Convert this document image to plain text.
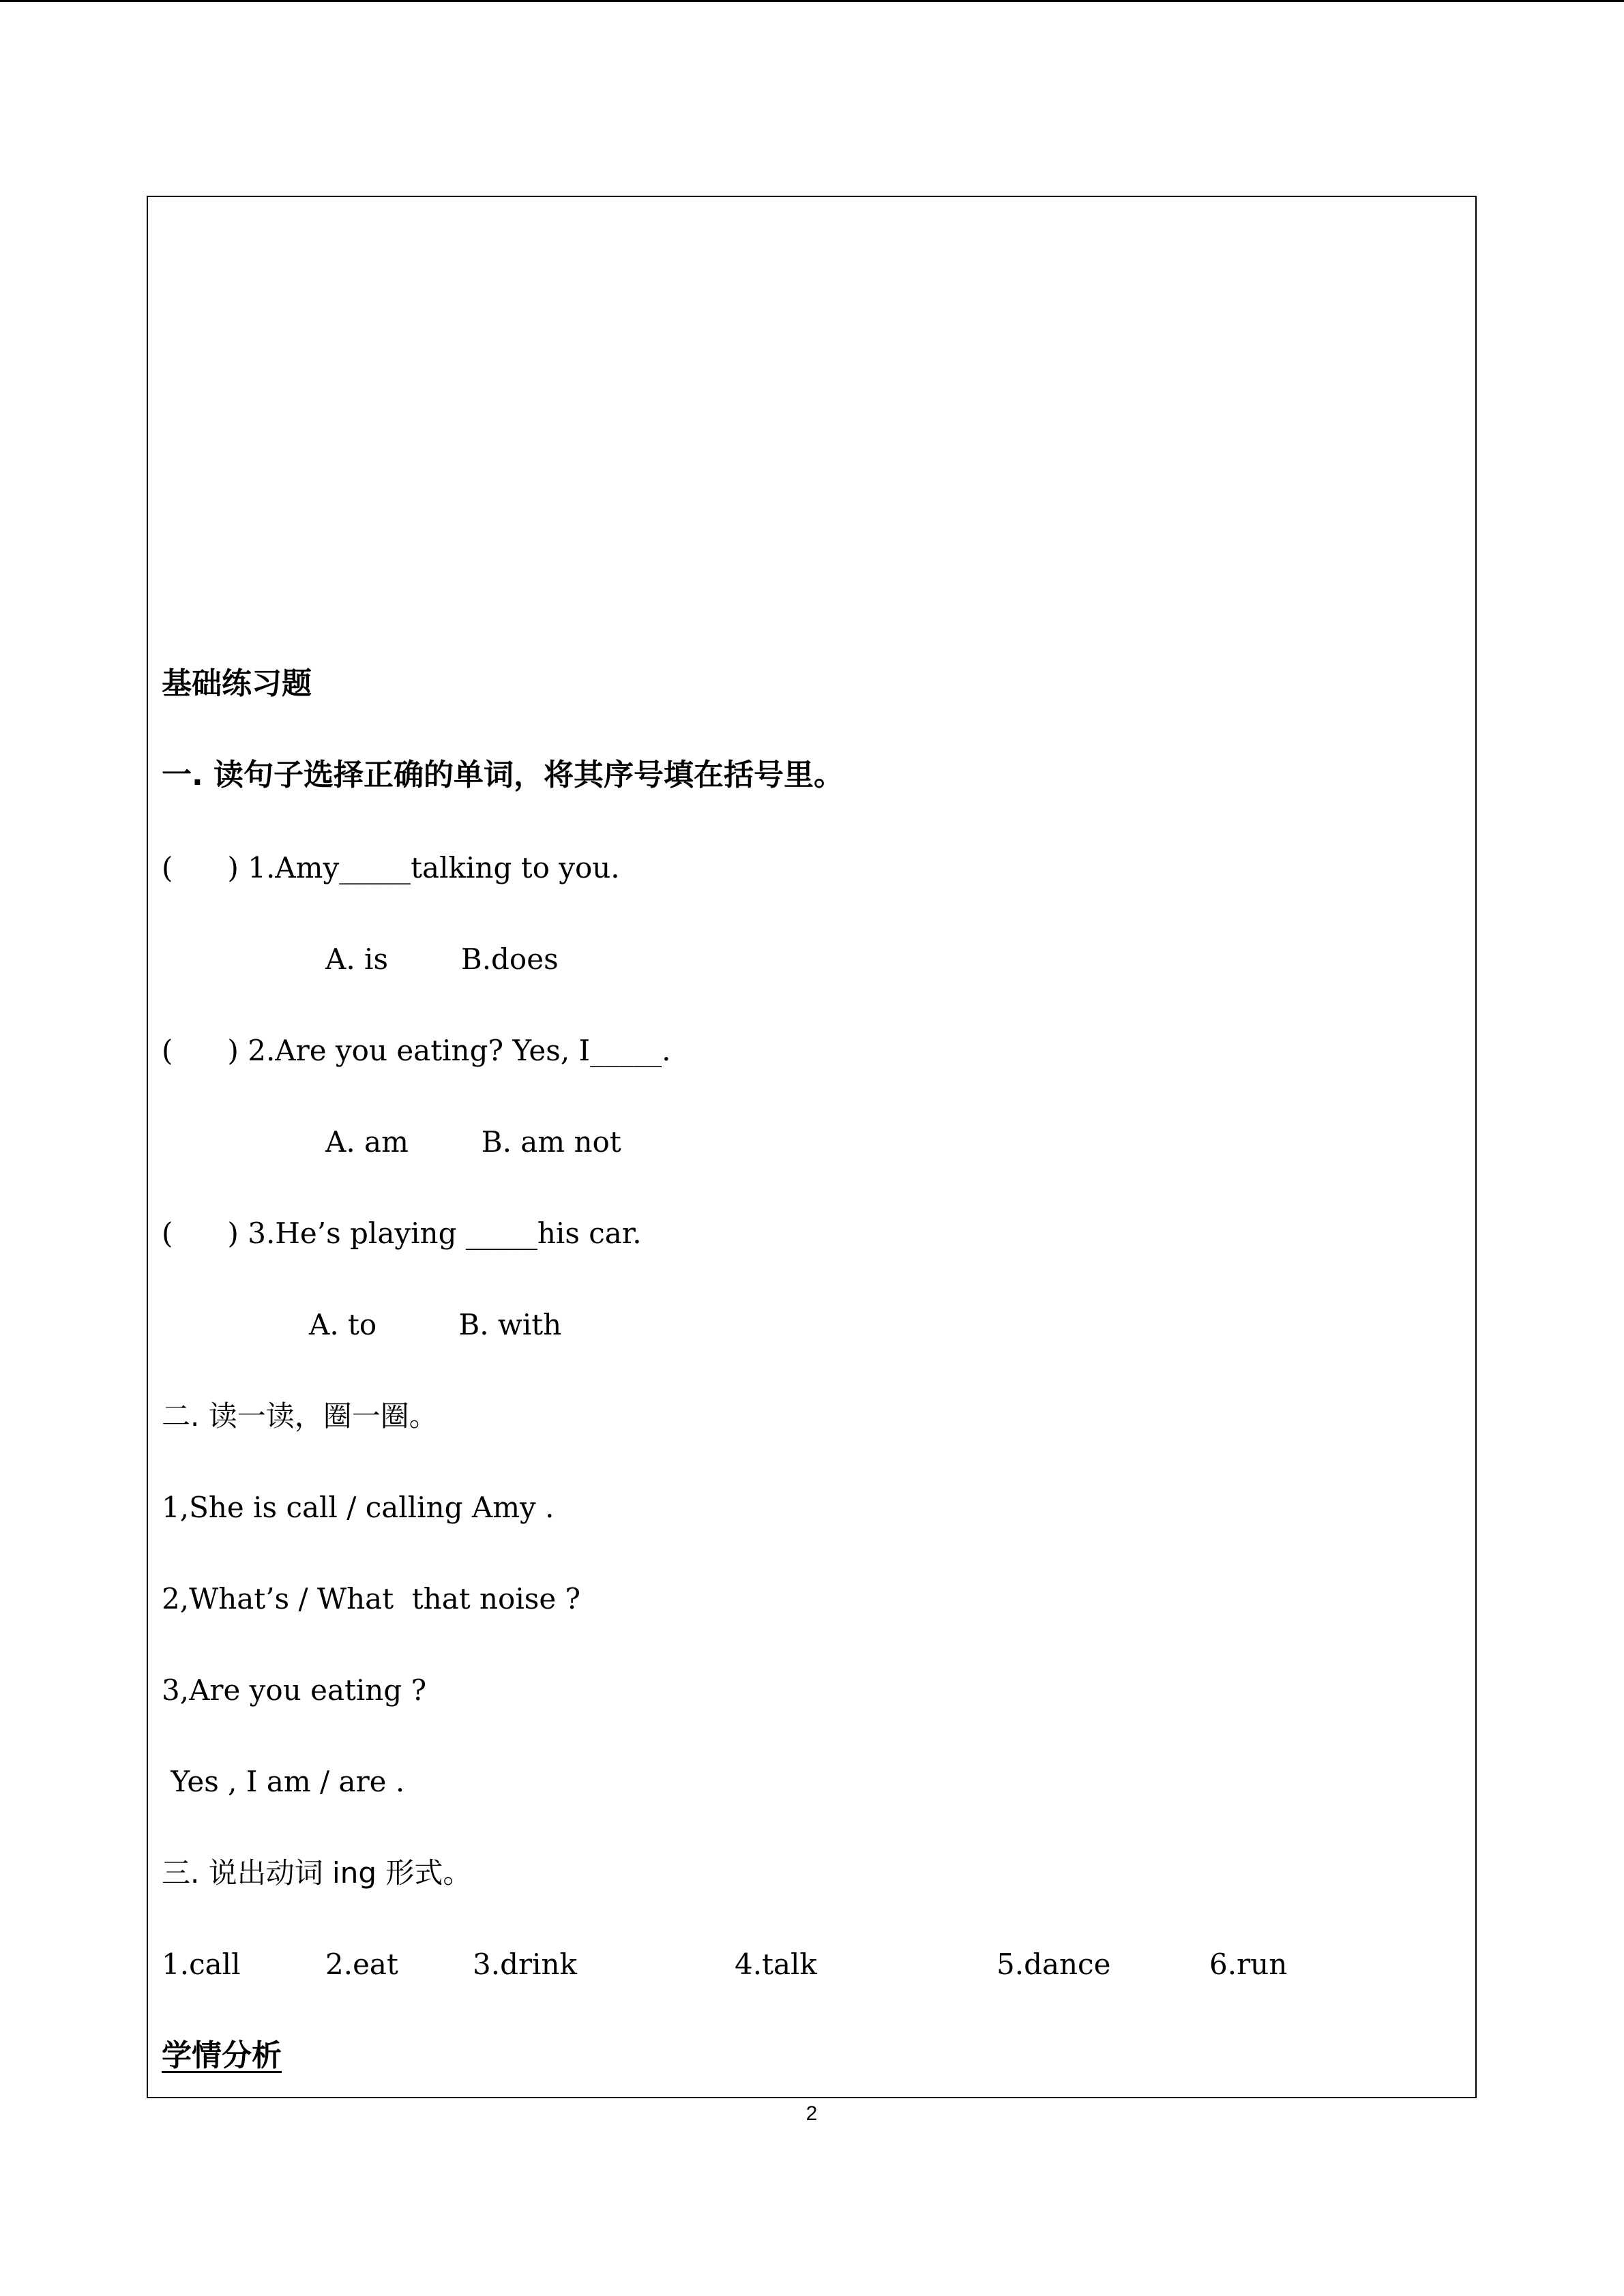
基础练习题
一. 读句子选择正确的单词，将其序号填在括号里。
(      ) 1.Amy_____talking to you.
A. is        B.does
(      ) 2.Are you eating? Yes, I_____.
A. am        B. am not
(      ) 3.He’s playing _____his car.
A. to         B. with
二. 读一读，圈一圈。
1,She is call / calling Amy .
2,What’s / What  that noise ?
3,Are you eating ?
Yes , I am / are .
三. 说出动词 ing 形式。
1.call	2.eat	3.drink	4.talk	5.dance	6.run
学情分析
2
